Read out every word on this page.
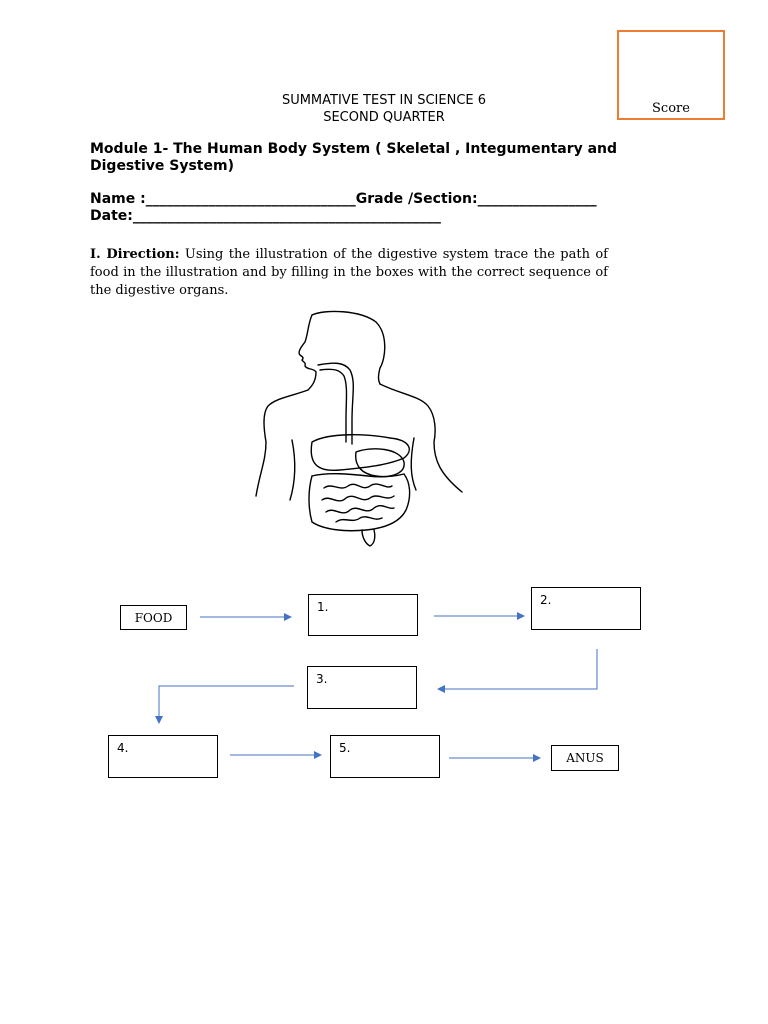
Score
SUMMATIVE TEST IN SCIENCE 6
SECOND QUARTER
Module 1- The Human Body System ( Skeletal , Integumentary and Digestive System)
Name :______________________________Grade /Section:_________________
Date:____________________________________________
I. Direction: Using the illustration of the digestive system trace the path of food in the illustration and by filling in the boxes with the correct sequence of the digestive organs.
FOOD
1.	2.
3.
4.	5.
ANUS
